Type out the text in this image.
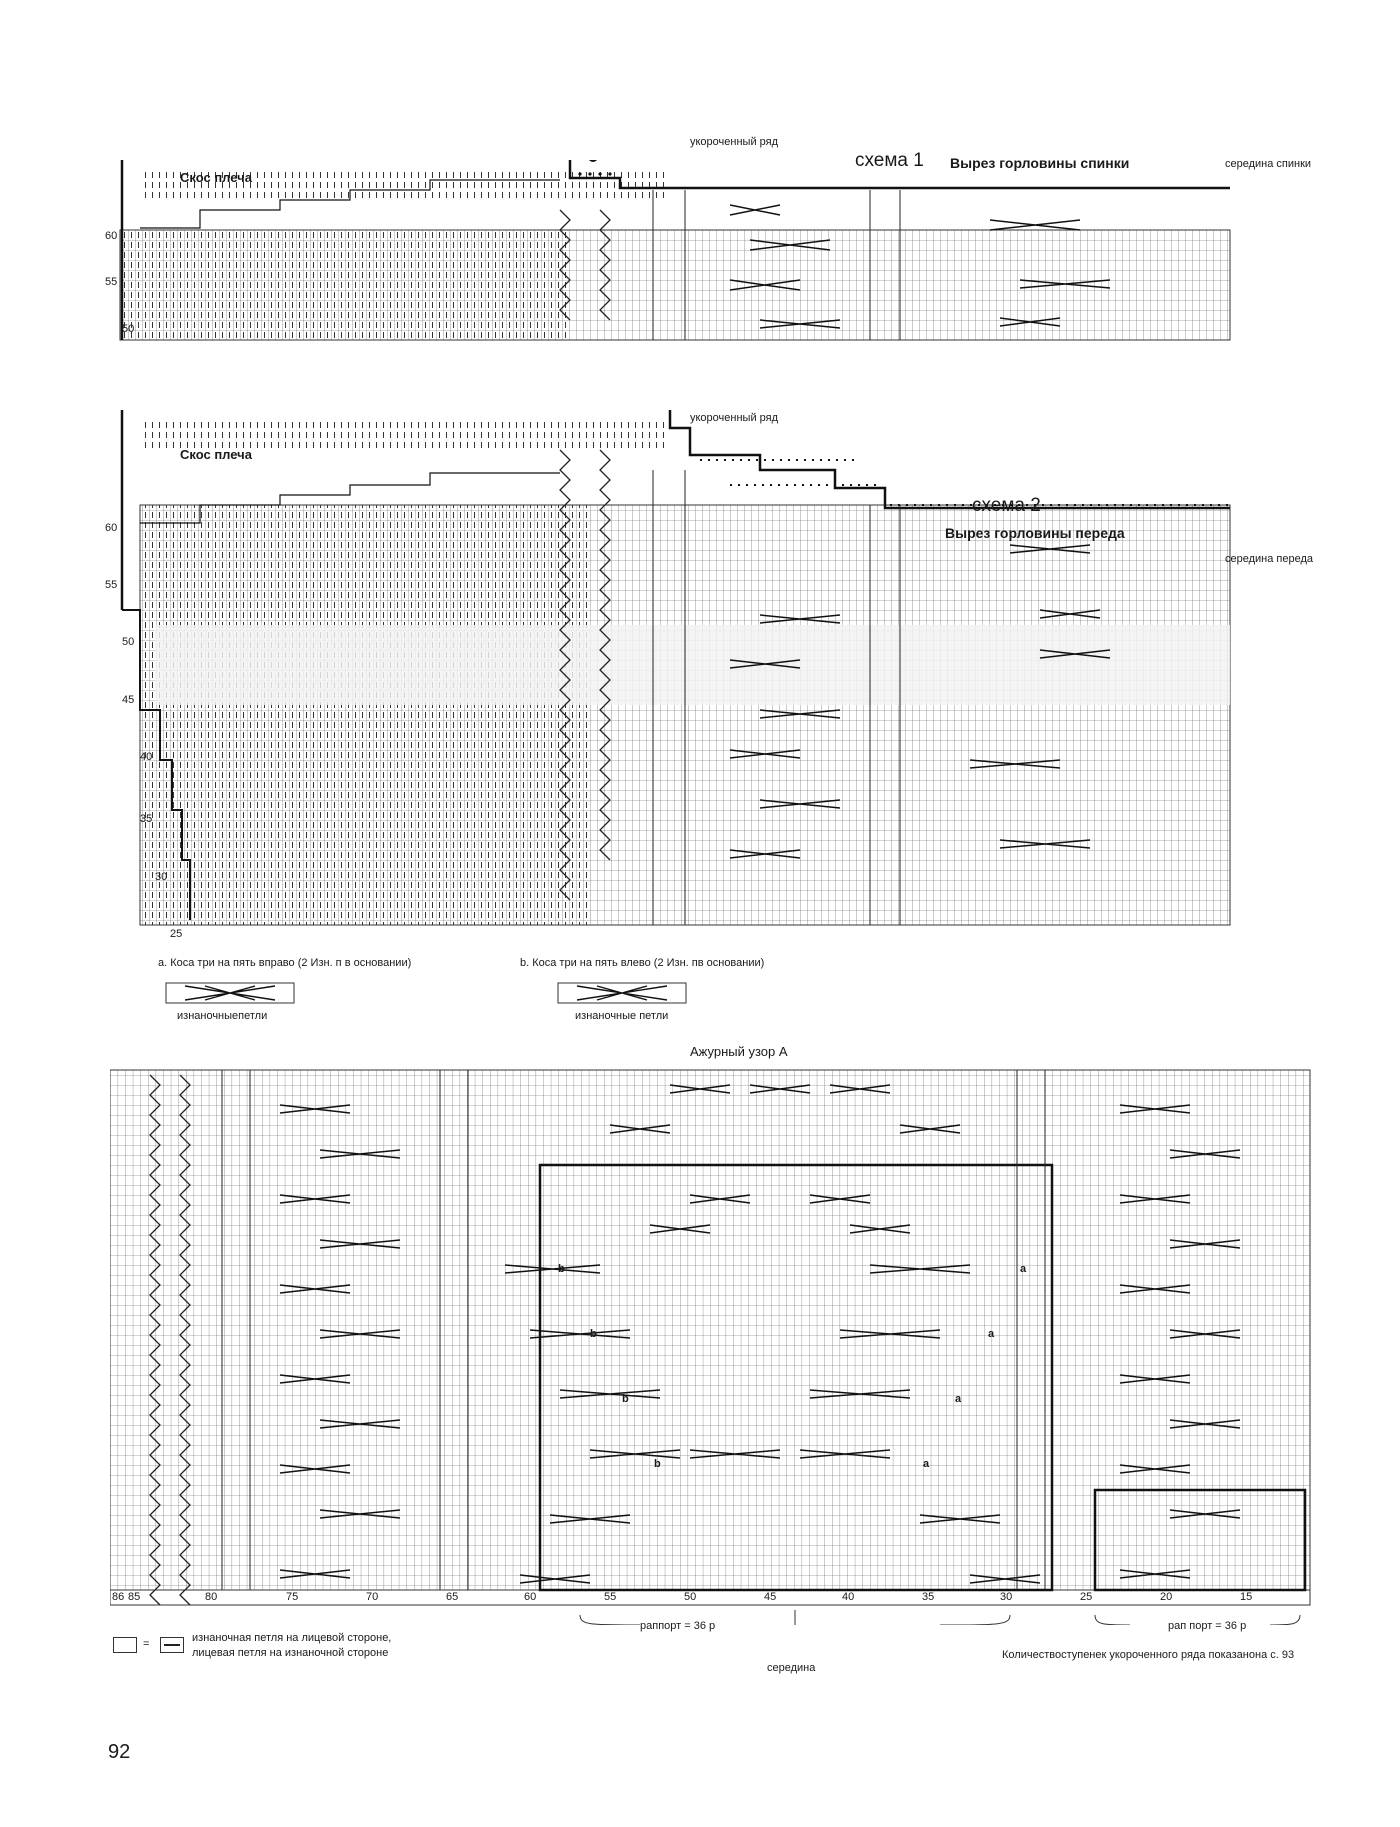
укороченный ряд
схема 1 Вырез горловины спинки
Скос плеча
середина спинки
60
55
50
укороченный ряд
схема 2
Вырез горловины переда
Скос плеча
середина переда
60
55
50
45
40
35
30
25
a. Коса три на пять вправо (2 Изн. п в основании)	b. Коса три на пять влево (2 Изн. пв основании)
изнаночныепетли	изнаночные петли
Ажурный узор А
b	a
b	a
b	a
b	a
86 85	80	75	70	65	60	55	50	45	40	35	30	25	20	15
раппорт = 36 р
середина
рап порт = 36 р
Количествоступенек укороченного ряда показанона с. 93
=	изнаночная петля на лицевой стороне,
лицевая петля на изнаночной стороне
92
